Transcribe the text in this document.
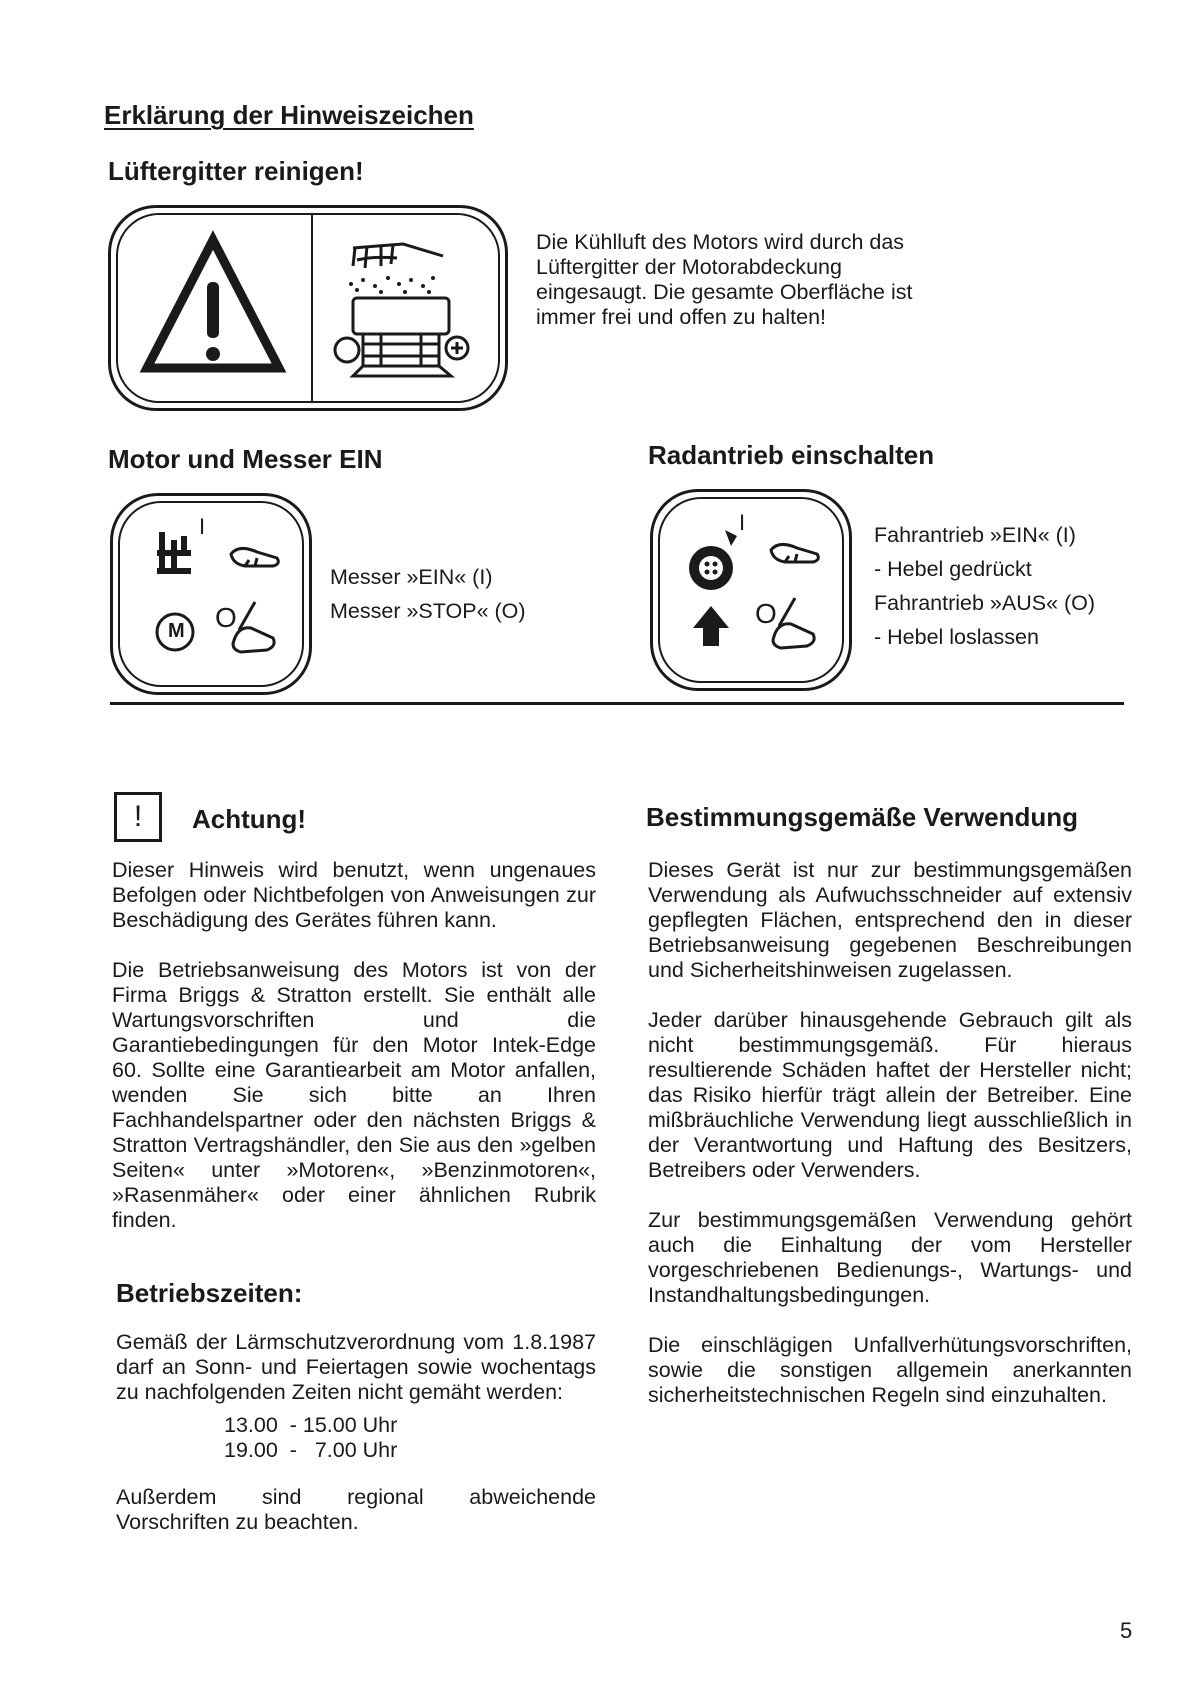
Erklärung der Hinweiszeichen
Lüftergitter reinigen!
Die Kühlluft des Motors wird durch das Lüftergitter der Motorabdeckung eingesaugt. Die gesamte Oberfläche ist immer frei und offen zu halten!
Motor und Messer EIN
I
M O
Messer »EIN« (I)
Messer »STOP« (O)
Radantrieb einschalten
I
O
Fahrantrieb »EIN« (I)
- Hebel gedrückt
Fahrantrieb »AUS« (O)
- Hebel loslassen
!	Achtung!

Dieser Hinweis wird benutzt, wenn ungenaues Befolgen oder Nichtbefolgen von Anweisungen zur Beschädigung des Gerätes führen kann.

Die Betriebsanweisung des Motors ist von der Firma Briggs & Stratton erstellt. Sie enthält alle Wartungsvorschriften und die Garantiebedingungen für den Motor Intek-Edge 60. Sollte eine Garantiearbeit am Motor anfallen, wenden Sie sich bitte an Ihren Fachhandelspartner oder den nächsten Briggs & Stratton Vertragshändler, den Sie aus den »gelben Seiten« unter »Motoren«, »Benzinmotoren«, »Rasenmäher« oder einer ähnlichen Rubrik finden.

Betriebszeiten:

Gemäß der Lärmschutzverordnung vom 1.8.1987 darf an Sonn- und Feiertagen sowie wochentags zu nachfolgenden Zeiten nicht gemäht werden:

13.00  - 15.00 Uhr
19.00  -   7.00 Uhr

Außerdem sind regional abweichende Vorschriften zu beachten.

Bestimmungsgemäße Verwendung

Dieses Gerät ist nur zur bestimmungsgemäßen Verwendung als Aufwuchsschneider auf extensiv gepflegten Flächen, entsprechend den in dieser Betriebsanweisung gegebenen Beschreibungen und Sicherheitshinweisen zugelassen.

Jeder darüber hinausgehende Gebrauch gilt als nicht bestimmungsgemäß. Für hieraus resultierende Schäden haftet der Hersteller nicht; das Risiko hierfür trägt allein der Betreiber. Eine mißbräuchliche Verwendung liegt ausschließlich in der Verantwortung und Haftung des Besitzers, Betreibers oder Verwenders.

Zur bestimmungsgemäßen Verwendung gehört auch die Einhaltung der vom Hersteller vorgeschriebenen Bedienungs-, Wartungs- und Instandhaltungsbedingungen.

Die einschlägigen Unfallverhütungsvorschriften, sowie die sonstigen allgemein anerkannten sicherheitstechnischen Regeln sind einzuhalten.

5
